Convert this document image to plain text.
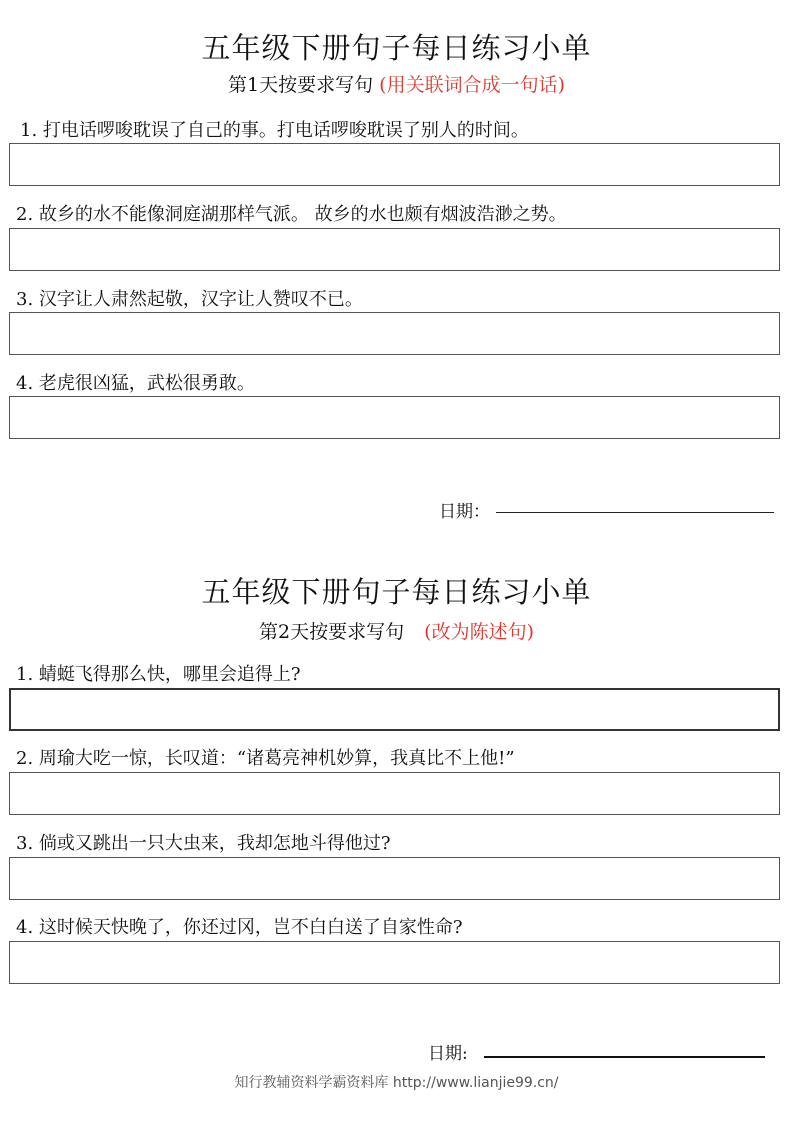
五年级下册句子每日练习小单
第1天按要求写句 (用关联词合成一句话)
1. 打电话啰唆耽误了自己的事。打电话啰唆耽误了别人的时间。
2. 故乡的水不能像洞庭湖那样气派。 故乡的水也颇有烟波浩渺之势。
3. 汉字让人肃然起敬，汉字让人赞叹不已。
4. 老虎很凶猛，武松很勇敢。
日期：
五年级下册句子每日练习小单
第2天按要求写句 (改为陈述句)
1. 蜻蜓飞得那么快，哪里会追得上?
2. 周瑜大吃一惊，长叹道：“诸葛亮神机妙算，我真比不上他!”
3. 倘或又跳出一只大虫来，我却怎地斗得他过?
4. 这时候天快晚了，你还过冈，岂不白白送了自家性命?
日期:
知行教辅资料学霸资料库 http://www.lianjie99.cn/
